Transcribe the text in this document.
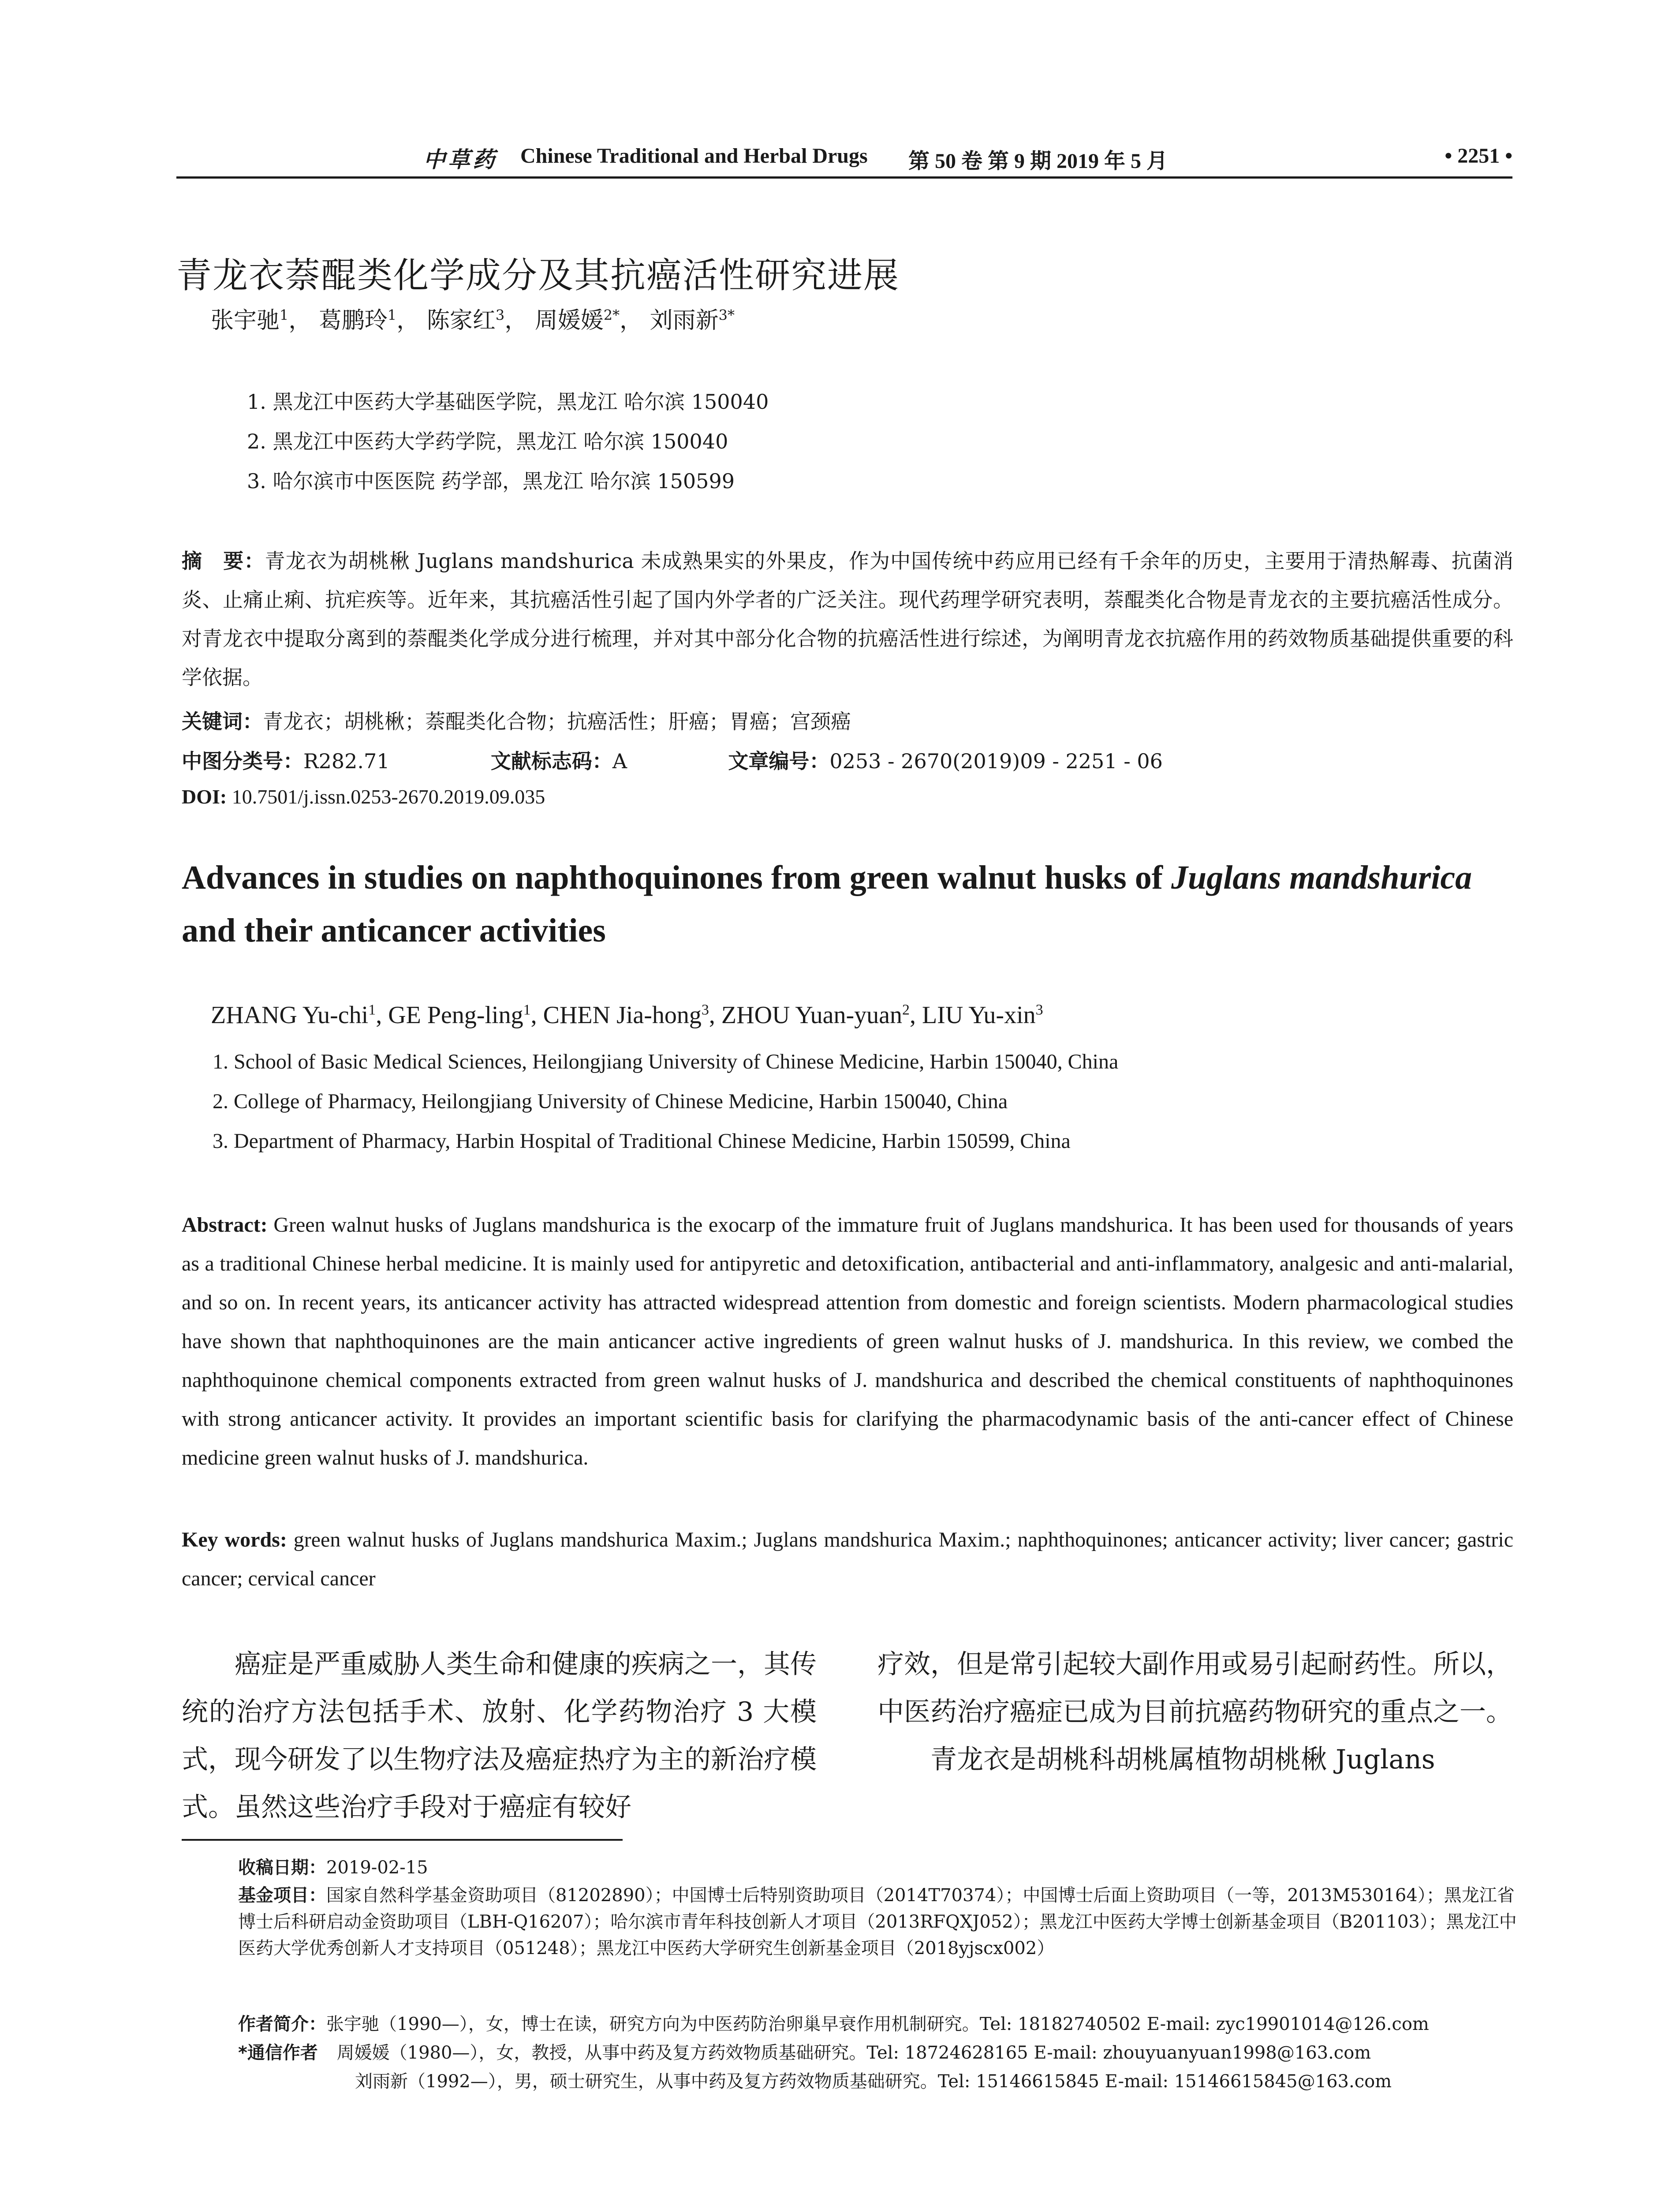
中草药 Chinese Traditional and Herbal Drugs 第 50 卷 第 9 期 2019 年 5 月	• 2251 •
青龙衣萘醌类化学成分及其抗癌活性研究进展
张宇驰$^1$， 葛鹏玲$^1$， 陈家红$^3$， 周媛媛$^{2*}$， 刘雨新$^{3*}$
1. 黑龙江中医药大学基础医学院，黑龙江 哈尔滨 150040
2. 黑龙江中医药大学药学院，黑龙江 哈尔滨 150040
3. 哈尔滨市中医医院 药学部，黑龙江 哈尔滨 150599
摘　要：青龙衣为胡桃楸 Juglans mandshurica 未成熟果实的外果皮，作为中国传统中药应用已经有千余年的历史，主要用于清热解毒、抗菌消炎、止痛止痢、抗疟疾等。近年来，其抗癌活性引起了国内外学者的广泛关注。现代药理学研究表明，萘醌类化合物是青龙衣的主要抗癌活性成分。对青龙衣中提取分离到的萘醌类化学成分进行梳理，并对其中部分化合物的抗癌活性进行综述，为阐明青龙衣抗癌作用的药效物质基础提供重要的科学依据。
关键词：青龙衣；胡桃楸；萘醌类化合物；抗癌活性；肝癌；胃癌；宫颈癌
中图分类号：R282.71	文献标志码：A	文章编号：0253 - 2670(2019)09 - 2251 - 06
DOI: 10.7501/j.issn.0253-2670.2019.09.035
Advances in studies on naphthoquinones from green walnut husks of Juglans mandshurica and their anticancer activities
ZHANG Yu-chi$^1$, GE Peng-ling$^1$, CHEN Jia-hong$^3$, ZHOU Yuan-yuan$^2$, LIU Yu-xin$^3$
1. School of Basic Medical Sciences, Heilongjiang University of Chinese Medicine, Harbin 150040, China
2. College of Pharmacy, Heilongjiang University of Chinese Medicine, Harbin 150040, China
3. Department of Pharmacy, Harbin Hospital of Traditional Chinese Medicine, Harbin 150599, China
Abstract: Green walnut husks of Juglans mandshurica is the exocarp of the immature fruit of Juglans mandshurica. It has been used for thousands of years as a traditional Chinese herbal medicine. It is mainly used for antipyretic and detoxification, antibacterial and anti-inflammatory, analgesic and anti-malarial, and so on. In recent years, its anticancer activity has attracted widespread attention from domestic and foreign scientists. Modern pharmacological studies have shown that naphthoquinones are the main anticancer active ingredients of green walnut husks of J. mandshurica. In this review, we combed the naphthoquinone chemical components extracted from green walnut husks of J. mandshurica and described the chemical constituents of naphthoquinones with strong anticancer activity. It provides an important scientific basis for clarifying the pharmacodynamic basis of the anti-cancer effect of Chinese medicine green walnut husks of J. mandshurica.
Key words: green walnut husks of Juglans mandshurica Maxim.; Juglans mandshurica Maxim.; naphthoquinones; anticancer activity; liver cancer; gastric cancer; cervical cancer

癌症是严重威胁人类生命和健康的疾病之一，其传统的治疗方法包括手术、放射、化学药物治疗 3 大模式，现今研发了以生物疗法及癌症热疗为主的新治疗模式。虽然这些治疗手段对于癌症有较好

疗效，但是常引起较大副作用或易引起耐药性。所以，中医药治疗癌症已成为目前抗癌药物研究的重点之一。

青龙衣是胡桃科胡桃属植物胡桃楸 Juglans

收稿日期：2019-02-15
基金项目：国家自然科学基金资助项目（81202890）；中国博士后特别资助项目（2014T70374）；中国博士后面上资助项目（一等，2013M530164）；黑龙江省博士后科研启动金资助项目（LBH-Q16207）；哈尔滨市青年科技创新人才项目（2013RFQXJ052）；黑龙江中医药大学博士创新基金项目（B201103）；黑龙江中医药大学优秀创新人才支持项目（051248）；黑龙江中医药大学研究生创新基金项目（2018yjscx002）
作者简介：张宇驰（1990—），女，博士在读，研究方向为中医药防治卵巢早衰作用机制研究。Tel: 18182740502 E-mail: zyc19901014@126.com
*通信作者 周媛媛（1980—），女，教授，从事中药及复方药效物质基础研究。Tel: 18724628165 E-mail: zhouyuanyuan1998@163.com
刘雨新（1992—），男，硕士研究生，从事中药及复方药效物质基础研究。Tel: 15146615845 E-mail: 15146615845@163.com
